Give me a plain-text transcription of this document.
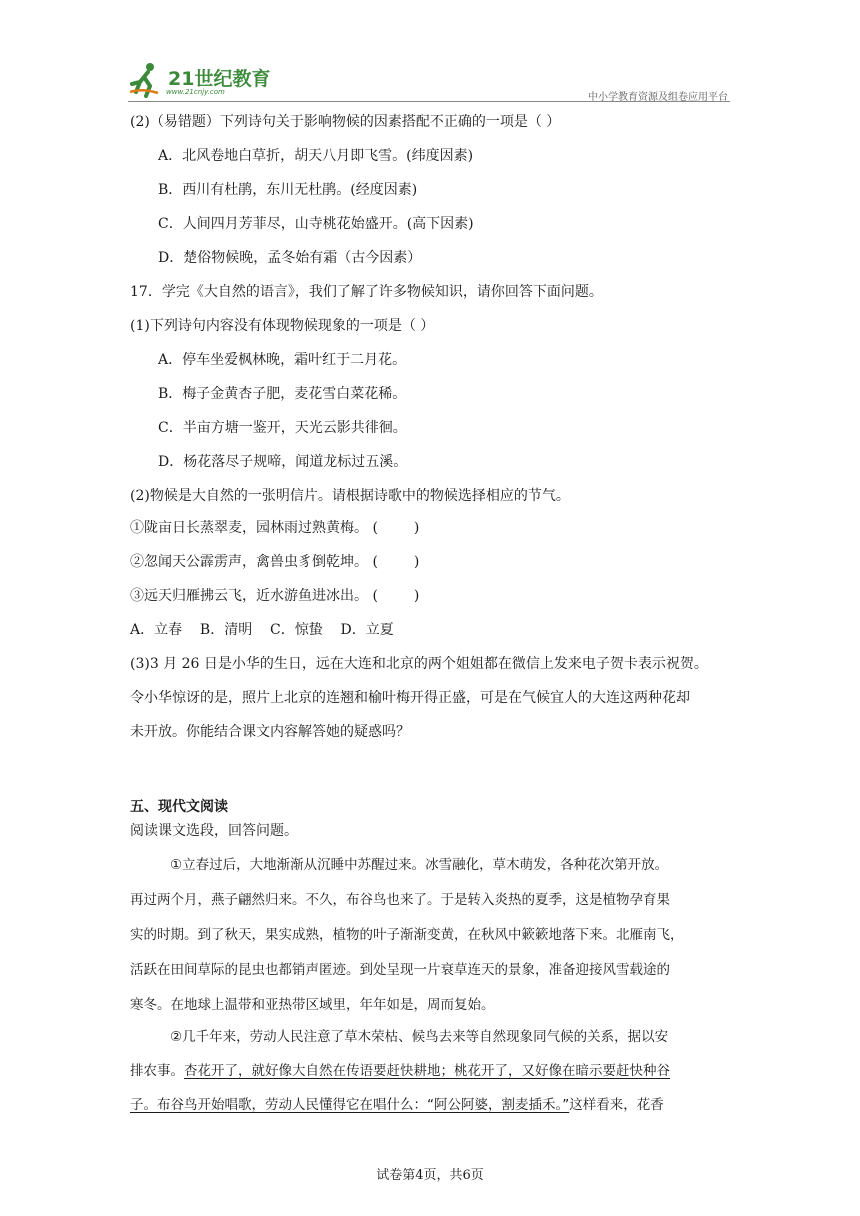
21世纪教育
www.21cnjy.com	中小学教育资源及组卷应用平台
(2)（易错题）下列诗句关于影响物候的因素搭配不正确的一项是（ ）
A．北风卷地白草折，胡天八月即飞雪。(纬度因素)
B．西川有杜鹃，东川无杜鹃。(经度因素)
C．人间四月芳菲尽，山寺桃花始盛开。(高下因素)
D．楚俗物候晚，孟冬始有霜（古今因素）
17．学完《大自然的语言》，我们了解了许多物候知识，请你回答下面问题。
(1)下列诗句内容没有体现物候现象的一项是（ ）
A．停车坐爱枫林晚，霜叶红于二月花。
B．梅子金黄杏子肥，麦花雪白菜花稀。
C．半亩方塘一鉴开，天光云影共徘徊。
D．杨花落尽子规啼，闻道龙标过五溪。
(2)物候是大自然的一张明信片。请根据诗歌中的物候选择相应的节气。
①陇亩日长蒸翠麦，园林雨过熟黄梅。 (	)
②忽闻天公霹雳声，禽兽虫豸倒乾坤。 (	)
③远天归雁拂云飞，近水游鱼进冰出。 (	)
A．立春    B．清明    C．惊蛰    D．立夏
(3)3 月 26 日是小华的生日，远在大连和北京的两个姐姐都在微信上发来电子贺卡表示祝贺。
令小华惊讶的是，照片上北京的连翘和榆叶梅开得正盛，可是在气候宜人的大连这两种花却
未开放。你能结合课文内容解答她的疑惑吗？
五、现代文阅读
阅读课文选段，回答问题。
①立春过后，大地渐渐从沉睡中苏醒过来。冰雪融化，草木萌发，各种花次第开放。
再过两个月，燕子翩然归来。不久，布谷鸟也来了。于是转入炎热的夏季，这是植物孕育果
实的时期。到了秋天，果实成熟，植物的叶子渐渐变黄，在秋风中簌簌地落下来。北雁南飞，
活跃在田间草际的昆虫也都销声匿迹。到处呈现一片衰草连天的景象，准备迎接风雪载途的
寒冬。在地球上温带和亚热带区域里，年年如是，周而复始。
②几千年来，劳动人民注意了草木荣枯、候鸟去来等自然现象同气候的关系，据以安
排农事。杏花开了，就好像大自然在传语要赶快耕地；桃花开了，又好像在暗示要赶快种谷
子。布谷鸟开始唱歌，劳动人民懂得它在唱什么：“阿公阿婆，割麦插禾。”这样看来，花香
试卷第4页，共6页
